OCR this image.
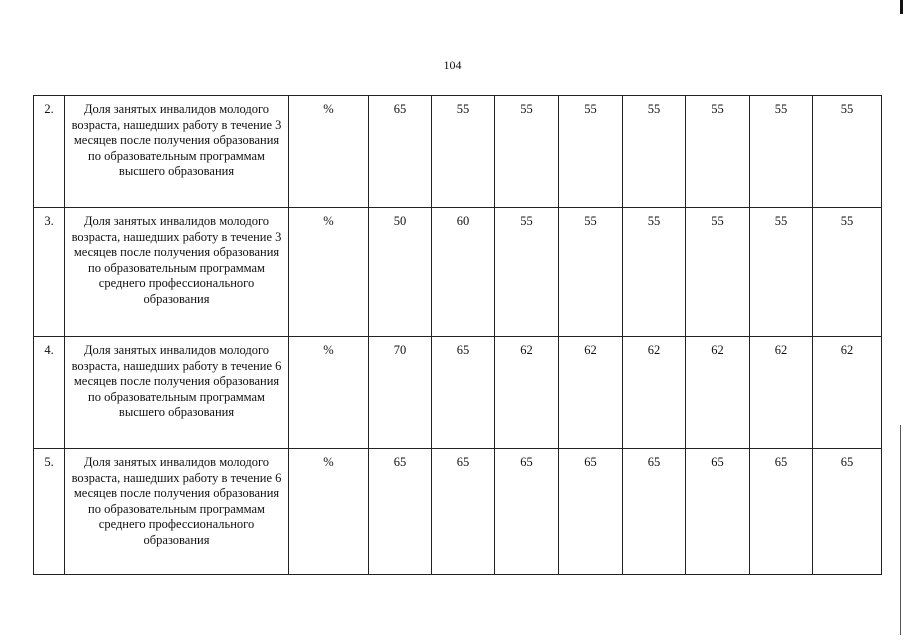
104
2.	Доля занятых инвалидов молодого возраста, нашедших работу в течение 3 месяцев после получения образования по образовательным программам высшего образования	%	65	55	55	55	55	55	55	55
3.	Доля занятых инвалидов молодого возраста, нашедших работу в течение 3 месяцев после получения образования по образовательным программам среднего профессионального образования	%	50	60	55	55	55	55	55	55
4.	Доля занятых инвалидов молодого возраста, нашедших работу в течение 6 месяцев после получения образования по образовательным программам высшего образования	%	70	65	62	62	62	62	62	62
5.	Доля занятых инвалидов молодого возраста, нашедших работу в течение 6 месяцев после получения образования по образовательным программам среднего профессионального образования	%	65	65	65	65	65	65	65	65
